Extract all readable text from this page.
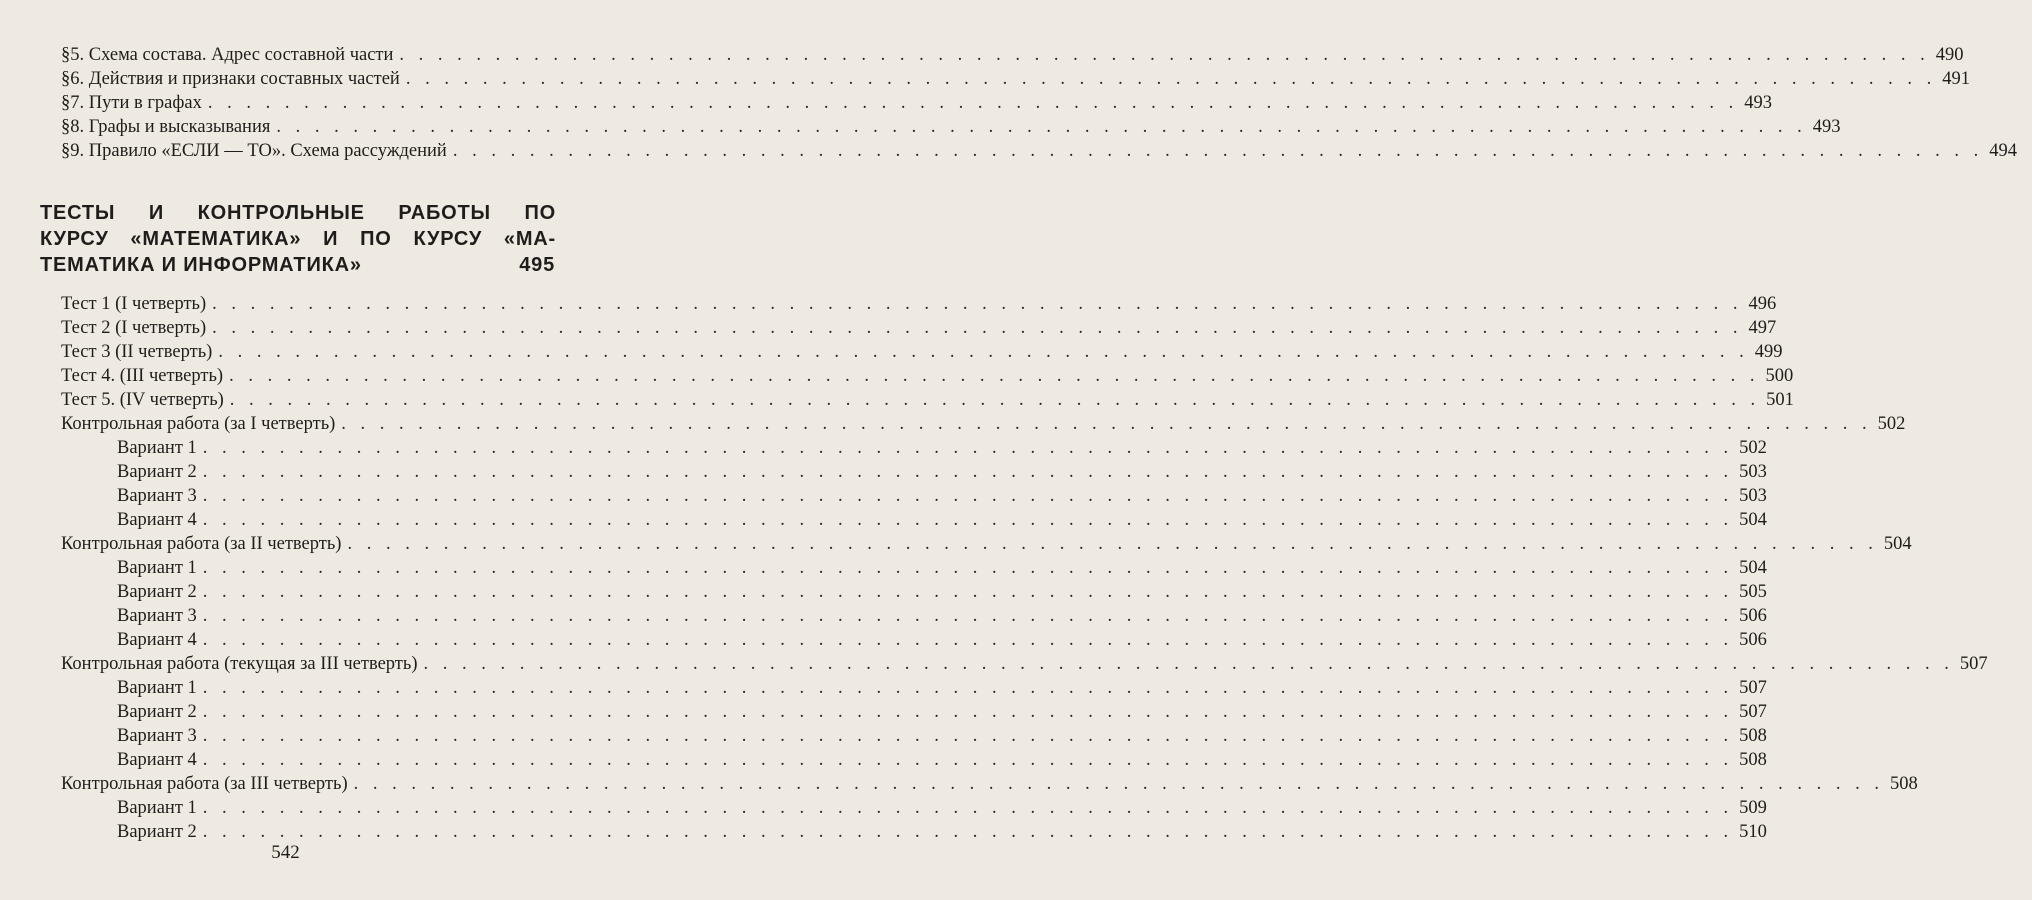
§5. Схема состава. Адрес составной части . . . . . . . . . . . . . . . . . . . . . . . . . . . . . . . . . . . . . . . . . . . . . . . . . . . . . . . . . . . . . . . . . . . . . . . . . . . . . . . . 490
§6. Действия и признаки составных частей . . . . . . . . . . . . . . . . . . . . . . . . . . . . . . . . . . . . . . . . . . . . . . . . . . . . . . . . . . . . . . . . . . . . . . . . . . . . . . . . 491
§7. Пути в графах . . . . . . . . . . . . . . . . . . . . . . . . . . . . . . . . . . . . . . . . . . . . . . . . . . . . . . . . . . . . . . . . . . . . . . . . . . . . . . . . 493
§8. Графы и высказывания . . . . . . . . . . . . . . . . . . . . . . . . . . . . . . . . . . . . . . . . . . . . . . . . . . . . . . . . . . . . . . . . . . . . . . . . . . . . . . . . 493
§9. Правило «ЕСЛИ — ТО». Схема рассуждений . . . . . . . . . . . . . . . . . . . . . . . . . . . . . . . . . . . . . . . . . . . . . . . . . . . . . . . . . . . . . . . . . . . . . . . . . . . . . . . . 494
ТЕСТЫ И КОНТРОЛЬНЫЕ РАБОТЫ ПО
КУРСУ «МАТЕМАТИКА» И ПО КУРСУ «МА-
ТЕМАТИКА И ИНФОРМАТИКА»	495
Тест 1 (I четверть) . . . . . . . . . . . . . . . . . . . . . . . . . . . . . . . . . . . . . . . . . . . . . . . . . . . . . . . . . . . . . . . . . . . . . . . . . . . . . . . . 496
Тест 2 (I четверть) . . . . . . . . . . . . . . . . . . . . . . . . . . . . . . . . . . . . . . . . . . . . . . . . . . . . . . . . . . . . . . . . . . . . . . . . . . . . . . . . 497
Тест 3 (II четверть) . . . . . . . . . . . . . . . . . . . . . . . . . . . . . . . . . . . . . . . . . . . . . . . . . . . . . . . . . . . . . . . . . . . . . . . . . . . . . . . . 499
Тест 4. (III четверть) . . . . . . . . . . . . . . . . . . . . . . . . . . . . . . . . . . . . . . . . . . . . . . . . . . . . . . . . . . . . . . . . . . . . . . . . . . . . . . . . 500
Тест 5. (IV четверть) . . . . . . . . . . . . . . . . . . . . . . . . . . . . . . . . . . . . . . . . . . . . . . . . . . . . . . . . . . . . . . . . . . . . . . . . . . . . . . . . 501
Контрольная работа (за I четверть) . . . . . . . . . . . . . . . . . . . . . . . . . . . . . . . . . . . . . . . . . . . . . . . . . . . . . . . . . . . . . . . . . . . . . . . . . . . . . . . . 502
Вариант 1 . . . . . . . . . . . . . . . . . . . . . . . . . . . . . . . . . . . . . . . . . . . . . . . . . . . . . . . . . . . . . . . . . . . . . . . . . . . . . . . . 502
Вариант 2 . . . . . . . . . . . . . . . . . . . . . . . . . . . . . . . . . . . . . . . . . . . . . . . . . . . . . . . . . . . . . . . . . . . . . . . . . . . . . . . . 503
Вариант 3 . . . . . . . . . . . . . . . . . . . . . . . . . . . . . . . . . . . . . . . . . . . . . . . . . . . . . . . . . . . . . . . . . . . . . . . . . . . . . . . . 503
Вариант 4 . . . . . . . . . . . . . . . . . . . . . . . . . . . . . . . . . . . . . . . . . . . . . . . . . . . . . . . . . . . . . . . . . . . . . . . . . . . . . . . . 504
Контрольная работа (за II четверть) . . . . . . . . . . . . . . . . . . . . . . . . . . . . . . . . . . . . . . . . . . . . . . . . . . . . . . . . . . . . . . . . . . . . . . . . . . . . . . . . 504
Вариант 1 . . . . . . . . . . . . . . . . . . . . . . . . . . . . . . . . . . . . . . . . . . . . . . . . . . . . . . . . . . . . . . . . . . . . . . . . . . . . . . . . 504
Вариант 2 . . . . . . . . . . . . . . . . . . . . . . . . . . . . . . . . . . . . . . . . . . . . . . . . . . . . . . . . . . . . . . . . . . . . . . . . . . . . . . . . 505
Вариант 3 . . . . . . . . . . . . . . . . . . . . . . . . . . . . . . . . . . . . . . . . . . . . . . . . . . . . . . . . . . . . . . . . . . . . . . . . . . . . . . . . 506
Вариант 4 . . . . . . . . . . . . . . . . . . . . . . . . . . . . . . . . . . . . . . . . . . . . . . . . . . . . . . . . . . . . . . . . . . . . . . . . . . . . . . . . 506
Контрольная работа (текущая за III четверть) . . . . . . . . . . . . . . . . . . . . . . . . . . . . . . . . . . . . . . . . . . . . . . . . . . . . . . . . . . . . . . . . . . . . . . . . . . . . . . . . 507
Вариант 1 . . . . . . . . . . . . . . . . . . . . . . . . . . . . . . . . . . . . . . . . . . . . . . . . . . . . . . . . . . . . . . . . . . . . . . . . . . . . . . . . 507
Вариант 2 . . . . . . . . . . . . . . . . . . . . . . . . . . . . . . . . . . . . . . . . . . . . . . . . . . . . . . . . . . . . . . . . . . . . . . . . . . . . . . . . 507
Вариант 3 . . . . . . . . . . . . . . . . . . . . . . . . . . . . . . . . . . . . . . . . . . . . . . . . . . . . . . . . . . . . . . . . . . . . . . . . . . . . . . . . 508
Вариант 4 . . . . . . . . . . . . . . . . . . . . . . . . . . . . . . . . . . . . . . . . . . . . . . . . . . . . . . . . . . . . . . . . . . . . . . . . . . . . . . . . 508
Контрольная работа (за III четверть) . . . . . . . . . . . . . . . . . . . . . . . . . . . . . . . . . . . . . . . . . . . . . . . . . . . . . . . . . . . . . . . . . . . . . . . . . . . . . . . . 508
Вариант 1 . . . . . . . . . . . . . . . . . . . . . . . . . . . . . . . . . . . . . . . . . . . . . . . . . . . . . . . . . . . . . . . . . . . . . . . . . . . . . . . . 509
Вариант 2 . . . . . . . . . . . . . . . . . . . . . . . . . . . . . . . . . . . . . . . . . . . . . . . . . . . . . . . . . . . . . . . . . . . . . . . . . . . . . . . . 510
542
